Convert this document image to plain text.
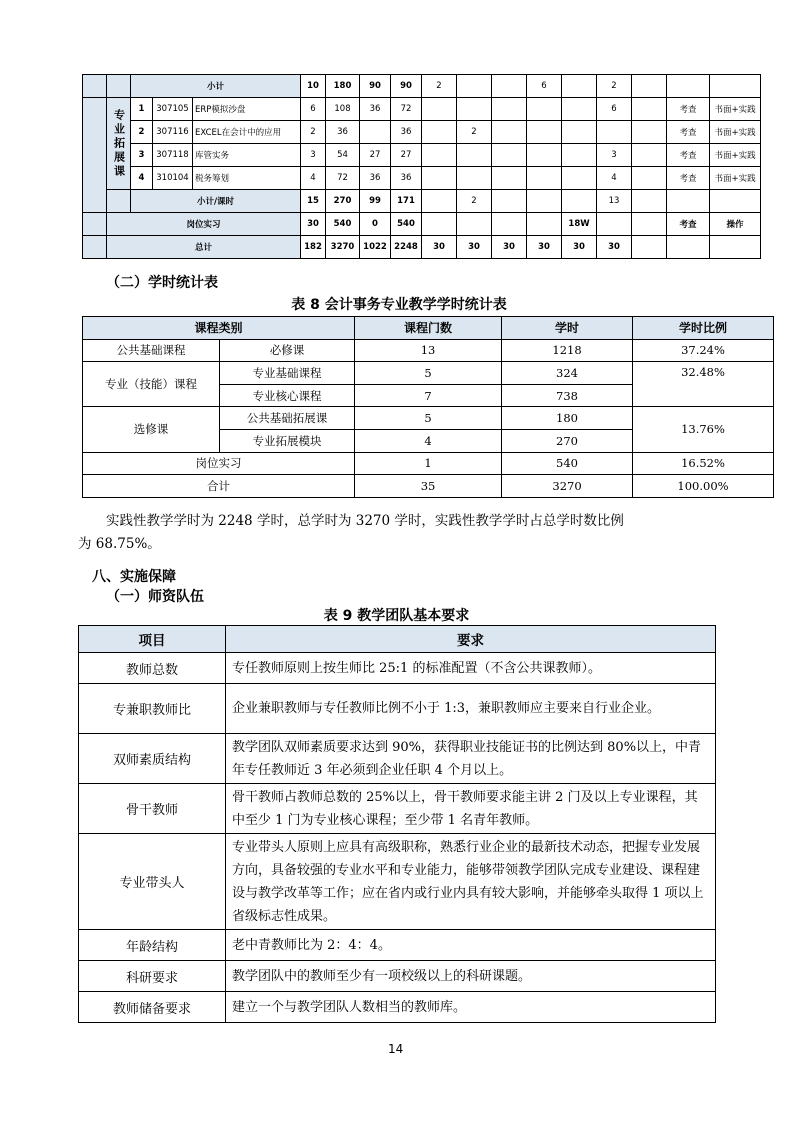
		小计			10	180	90	90	2			6		2			
	专业拓展课	1	307105	ERP模拟沙盘	6	108	36	72						6		考查	书面+实践
		2	307116	EXCEL在会计中的应用	2	36		36		2						考查	书面+实践
		3	307118	库管实务	3	54	27	27						3		考查	书面+实践
		4	310104	税务筹划	4	72	36	36						4		考查	书面+实践
		小计/课时			15	270	99	171		2				13			
	岗位实习				30	540	0	540					18W			考查	操作
	总计				182	3270	1022	2248	30	30	30	30	30	30			
（二）学时统计表
表 8 会计事务专业教学学时统计表
课程类别		课程门数	学时	学时比例
公共基础课程	必修课	13	1218	37.24%

专业（技能）课程	专业基础课程	5	324	32.48%
	专业核心课程	7	738	
选修课	公共基础拓展课	5	180	13.76%
	专业拓展模块	4	270	
岗位实习		1	540	16.52%
合计		35	3270	100.00%
实践性教学学时为 2248 学时，总学时为 3270 学时，实践性教学学时占总学时数比例
为 68.75%。
八、实施保障
（一）师资队伍
表 9 教学团队基本要求
项目	要求
教师总数	专任教师原则上按生师比 25:1 的标准配置（不含公共课教师）。
专兼职教师比	企业兼职教师与专任教师比例不小于 1:3，兼职教师应主要来自行业企业。
双师素质结构	教学团队双师素质要求达到 90%，获得职业技能证书的比例达到 80%以上，中青年专任教师近 3 年必须到企业任职 4 个月以上。
骨干教师	骨干教师占教师总数的 25%以上，骨干教师要求能主讲 2 门及以上专业课程，其中至少 1 门为专业核心课程；至少带 1 名青年教师。
专业带头人	专业带头人原则上应具有高级职称，熟悉行业企业的最新技术动态，把握专业发展方向，具备较强的专业水平和专业能力，能够带领教学团队完成专业建设、课程建设与教学改革等工作；应在省内或行业内具有较大影响，并能够牵头取得 1 项以上省级标志性成果。
年龄结构	老中青教师比为 2：4：4。
科研要求	教学团队中的教师至少有一项校级以上的科研课题。
教师储备要求	建立一个与教学团队人数相当的教师库。
14
